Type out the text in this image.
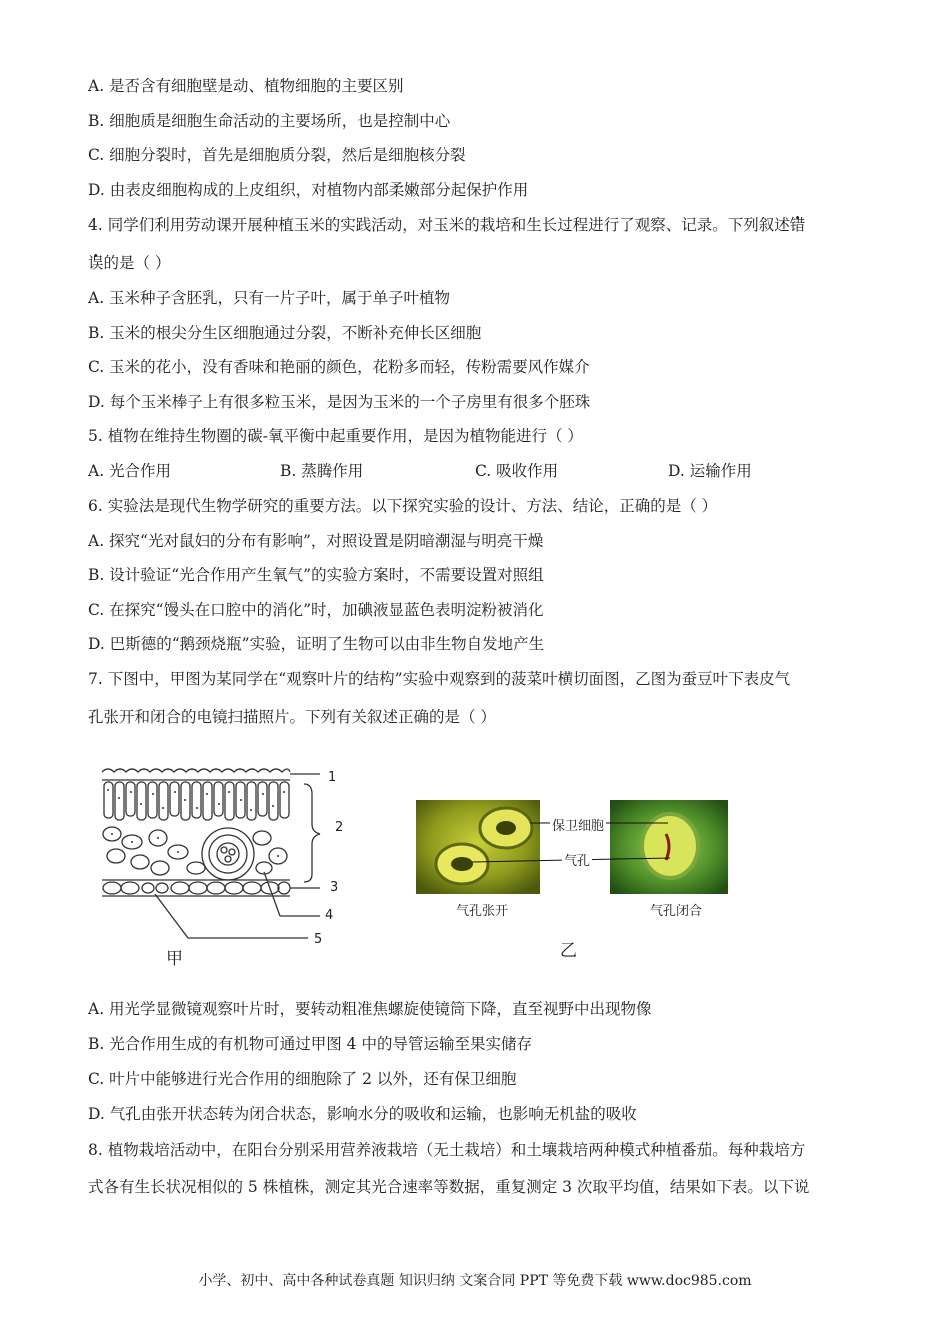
A. 是否含有细胞壁是动、植物细胞的主要区别
B. 细胞质是细胞生命活动的主要场所，也是控制中心
C. 细胞分裂时，首先是细胞质分裂，然后是细胞核分裂
D. 由表皮细胞构成的上皮组织，对植物内部柔嫩部分起保护作用
4. 同学们利用劳动课开展种植玉米的实践活动，对玉米的栽培和生长过程进行了观察、记录。下列叙述错
误的是（ ）
A. 玉米种子含胚乳，只有一片子叶，属于单子叶植物
B. 玉米的根尖分生区细胞通过分裂，不断补充伸长区细胞
C. 玉米的花小，没有香味和艳丽的颜色，花粉多而轻，传粉需要风作媒介
D. 每个玉米棒子上有很多粒玉米，是因为玉米的一个子房里有很多个胚珠
5. 植物在维持生物圈的碳-氧平衡中起重要作用，是因为植物能进行（ ）
A. 光合作用	B. 蒸腾作用	C. 吸收作用	D. 运输作用
6. 实验法是现代生物学研究的重要方法。以下探究实验的设计、方法、结论，正确的是（ ）
A. 探究“光对鼠妇的分布有影响”，对照设置是阴暗潮湿与明亮干燥
B. 设计验证“光合作用产生氧气”的实验方案时，不需要设置对照组
C. 在探究“馒头在口腔中的消化”时，加碘液显蓝色表明淀粉被消化
D. 巴斯德的“鹅颈烧瓶”实验，证明了生物可以由非生物自发地产生
7. 下图中，甲图为某同学在“观察叶片的结构”实验中观察到的菠菜叶横切面图，乙图为蚕豆叶下表皮气
孔张开和闭合的电镜扫描照片。下列有关叙述正确的是（ ）
1
2
3
4
5
甲
保卫细胞
气孔
气孔张开	气孔闭合
乙
A. 用光学显微镜观察叶片时，要转动粗准焦螺旋使镜筒下降，直至视野中出现物像
B. 光合作用生成的有机物可通过甲图 4 中的导管运输至果实储存
C. 叶片中能够进行光合作用的细胞除了 2 以外，还有保卫细胞
D. 气孔由张开状态转为闭合状态，影响水分的吸收和运输，也影响无机盐的吸收
8. 植物栽培活动中，在阳台分别采用营养液栽培（无土栽培）和土壤栽培两种模式种植番茄。每种栽培方
式各有生长状况相似的 5 株植株，测定其光合速率等数据，重复测定 3 次取平均值，结果如下表。以下说
小学、初中、高中各种试卷真题 知识归纳 文案合同 PPT 等免费下载 www.doc985.com
